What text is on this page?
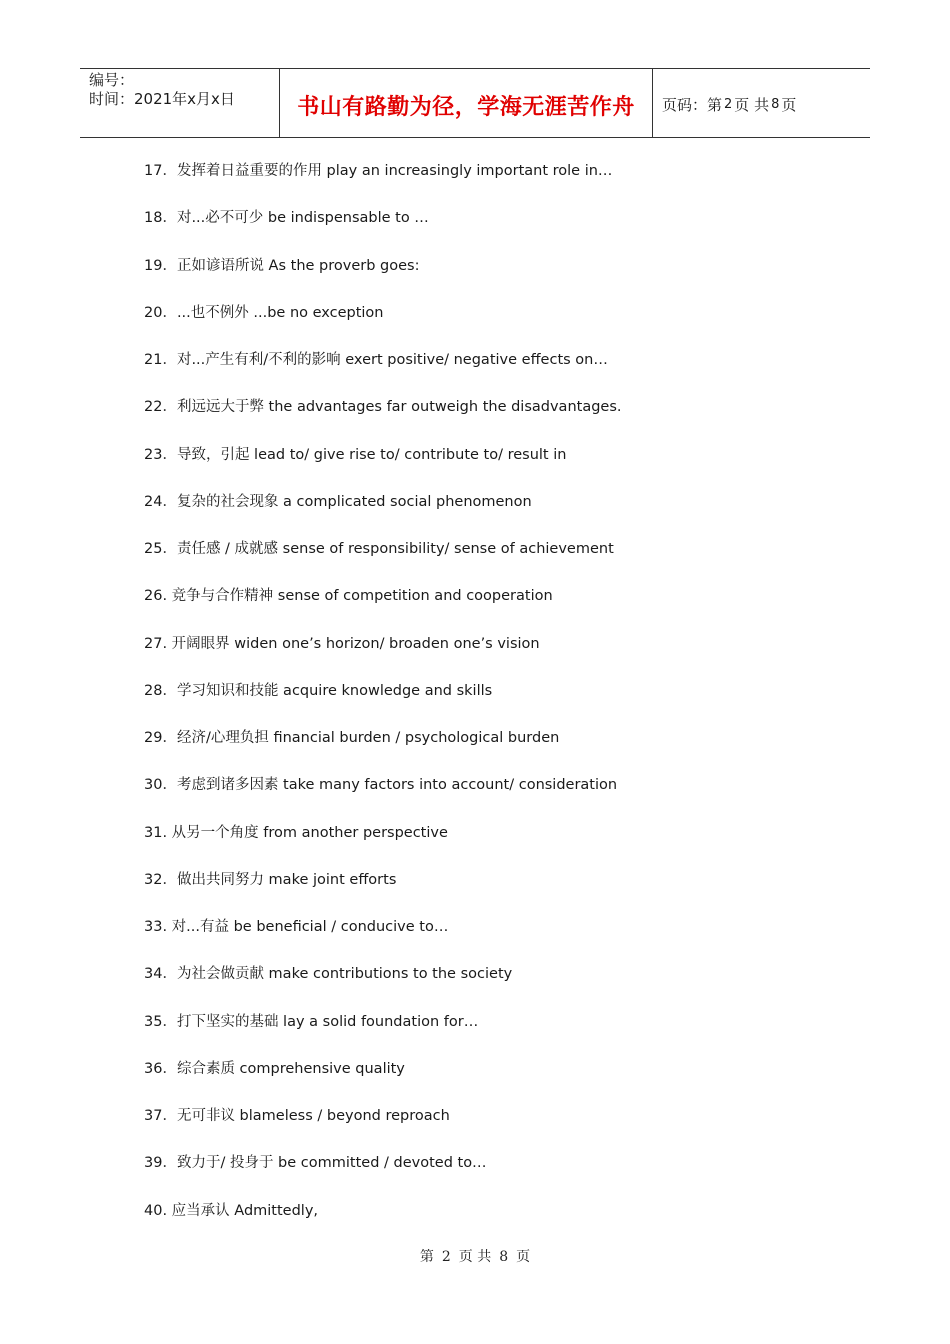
编号：
时间：2021年x月x日	书山有路勤为径，学海无涯苦作舟	页码：第 2 页 共 8 页
17．发挥着日益重要的作用 play an increasingly important role in…
18．对...必不可少 be indispensable to …
19．正如谚语所说 As the proverb goes:
20．...也不例外 ...be no exception
21．对...产生有利/不利的影响 exert positive/ negative effects on…
22．利远远大于弊 the advantages far outweigh the disadvantages.
23．导致，引起 lead to/ give rise to/ contribute to/ result in
24．复杂的社会现象 a complicated social phenomenon
25．责任感 / 成就感 sense of responsibility/ sense of achievement
26. 竞争与合作精神 sense of competition and cooperation
27. 开阔眼界 widen one’s horizon/ broaden one’s vision
28．学习知识和技能 acquire knowledge and skills
29．经济/心理负担 financial burden / psychological burden
30．考虑到诸多因素 take many factors into account/ consideration
31. 从另一个角度 from another perspective
32．做出共同努力 make joint efforts
33. 对...有益 be beneficial / conducive to…
34．为社会做贡献 make contributions to the society
35．打下坚实的基础 lay a solid foundation for…
36．综合素质 comprehensive quality
37．无可非议 blameless / beyond reproach
39．致力于/ 投身于 be committed / devoted to…
40. 应当承认 Admittedly,
第 2 页 共 8 页
